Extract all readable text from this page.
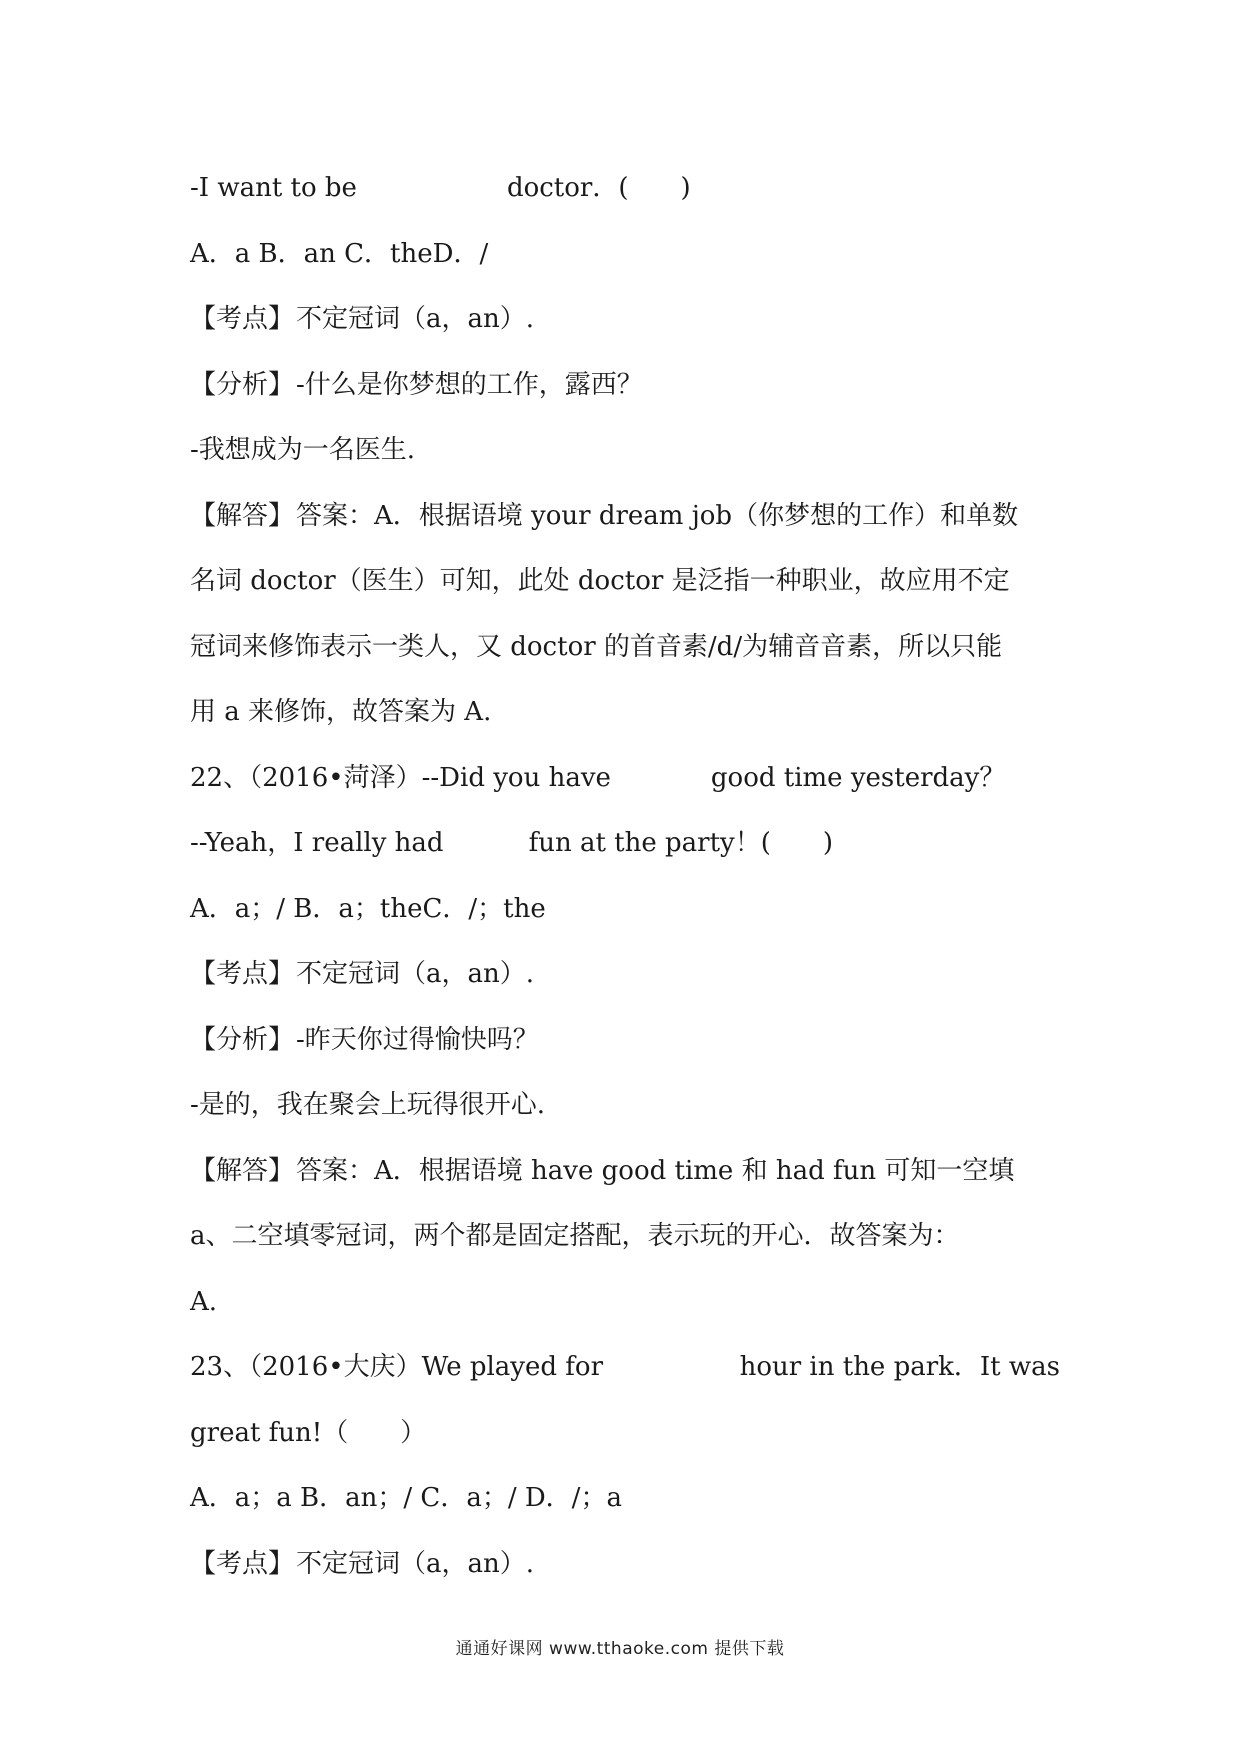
-I want to be	doctor．(　　)
A．a B．an C．theD．/
【考点】 不定冠词（a，an）.
【分析】 -什么是你梦想的工作，露西？
-我想成为一名医生.
【解答】 答案：A．根据语境 your dream job（你梦想的工作）和单数
名词 doctor（医生）可知，此处 doctor 是泛指一种职业，故应用不定
冠词来修饰表示一类人，又 doctor 的首音素/d/为辅音音素，所以只能
用 a 来修饰，故答案为 A.
22、（2016•菏泽）--Did you have	good time yesterday？
--Yeah，I really had	fun at the party！(　　)
A．a；/ B．a；theC．/；the
【考点】 不定冠词（a，an）.
【分析】 -昨天你过得愉快吗？
-是的，我在聚会上玩得很开心.
【解答】 答案：A．根据语境 have good time 和 had fun 可知一空填
a、二空填零冠词，两个都是固定搭配，表示玩的开心．故答案为：
A.
23、（2016•大庆）We played for	hour in the park．It was
great fun!（　　）
A．a；a B．an；/ C．a；/ D．/；a
【考点】 不定冠词（a，an）.
通通好课网 www.tthaoke.com 提供下载
